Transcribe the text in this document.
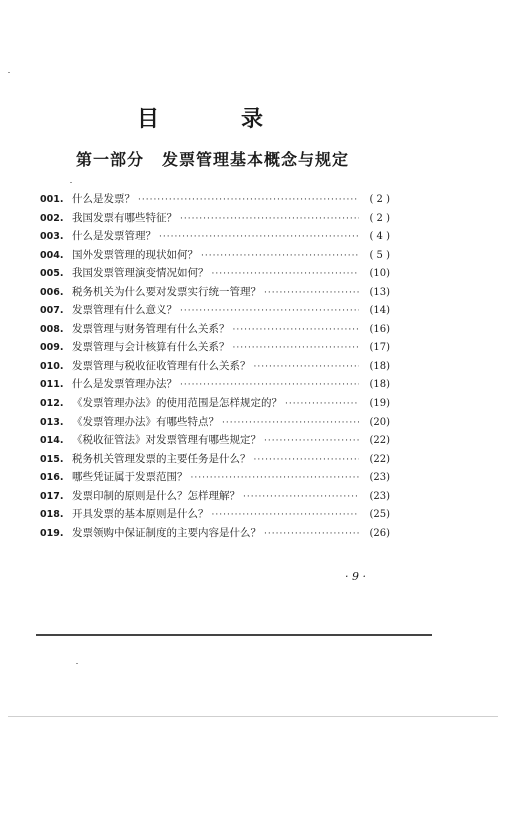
目　录
第一部分 发票管理基本概念与规定
001. 什么是发票？ ·····	( 2 )
002. 我国发票有哪些特征？ ·····	( 2 )
003. 什么是发票管理？ ·····	( 4 )
004. 国外发票管理的现状如何？ ·····	( 5 )
005. 我国发票管理演变情况如何？ ·····	(10)
006. 税务机关为什么要对发票实行统一管理？ ·····	(13)
007. 发票管理有什么意义？ ·····	(14)
008. 发票管理与财务管理有什么关系？ ·····	(16)
009. 发票管理与会计核算有什么关系？ ·····	(17)
010. 发票管理与税收征收管理有什么关系？ ·····	(18)
011. 什么是发票管理办法？ ·····	(18)
012. 《发票管理办法》的使用范围是怎样规定的？ ·····	(19)
013. 《发票管理办法》有哪些特点？ ·····	(20)
014. 《税收征管法》对发票管理有哪些规定？ ·····	(22)
015. 税务机关管理发票的主要任务是什么？ ·····	(22)
016. 哪些凭证属于发票范围？ ·····	(23)
017. 发票印制的原则是什么？怎样理解？ ·····	(23)
018. 开具发票的基本原则是什么？ ·····	(25)
019. 发票领购中保证制度的主要内容是什么？ ·····	(26)
· 9 ·
